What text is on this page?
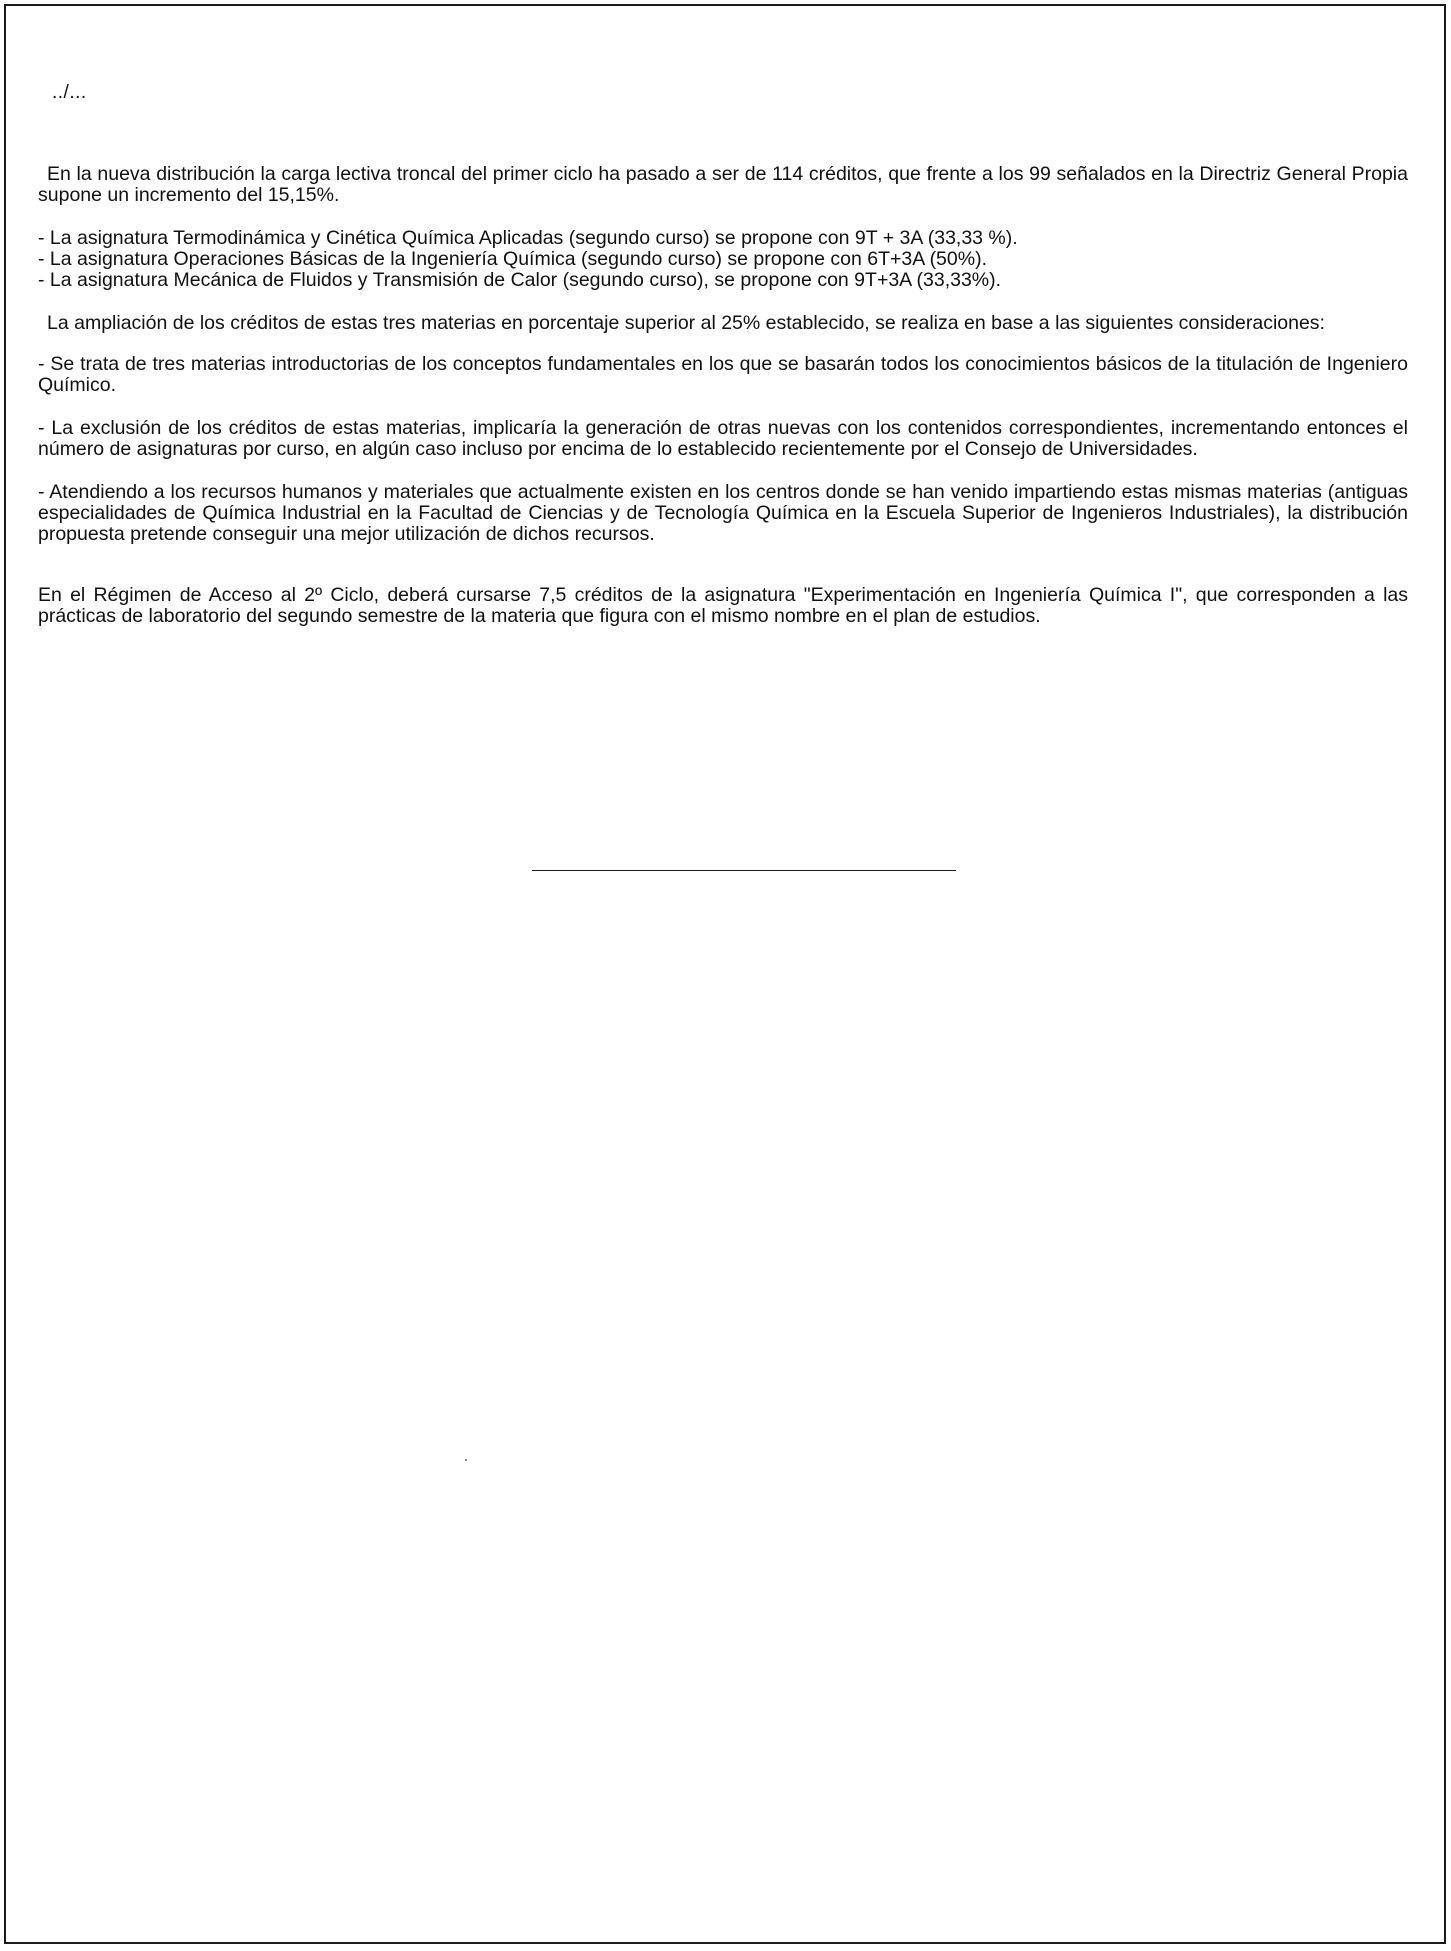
../...

En la nueva distribución la carga lectiva troncal del primer ciclo ha pasado a ser de 114 créditos, que frente a los 99 señalados en la Directriz General Propia supone un incremento del 15,15%.

- La asignatura Termodinámica y Cinética Química Aplicadas (segundo curso) se propone con 9T + 3A (33,33 %).

- La asignatura Operaciones Básicas de la Ingeniería Química (segundo curso) se propone con 6T+3A (50%).

- La asignatura Mecánica de Fluidos y Transmisión de Calor (segundo curso), se propone con 9T+3A (33,33%).

La ampliación de los créditos de estas tres materias en porcentaje superior al 25% establecido, se realiza en base a las siguientes consideraciones:

- Se trata de tres materias introductorias de los conceptos fundamentales en los que se basarán todos los conocimientos básicos de la titulación de Ingeniero Químico.

- La exclusión de los créditos de estas materias, implicaría la generación de otras nuevas con los contenidos correspondientes, incrementando entonces el número de asignaturas por curso, en algún caso incluso por encima de lo establecido recientemente por el Consejo de Universidades.

- Atendiendo a los recursos humanos y materiales que actualmente existen en los centros donde se han venido impartiendo estas mismas materias (antiguas especialidades de Química Industrial en la Facultad de Ciencias y de Tecnología Química en la Escuela Superior de Ingenieros Industriales), la distribución propuesta pretende conseguir una mejor utilización de dichos recursos.

En el Régimen de Acceso al 2º Ciclo, deberá cursarse 7,5 créditos de la asignatura "Experimentación en Ingeniería Química I", que corresponden a las prácticas de laboratorio del segundo semestre de la materia que figura con el mismo nombre en el plan de estudios.
